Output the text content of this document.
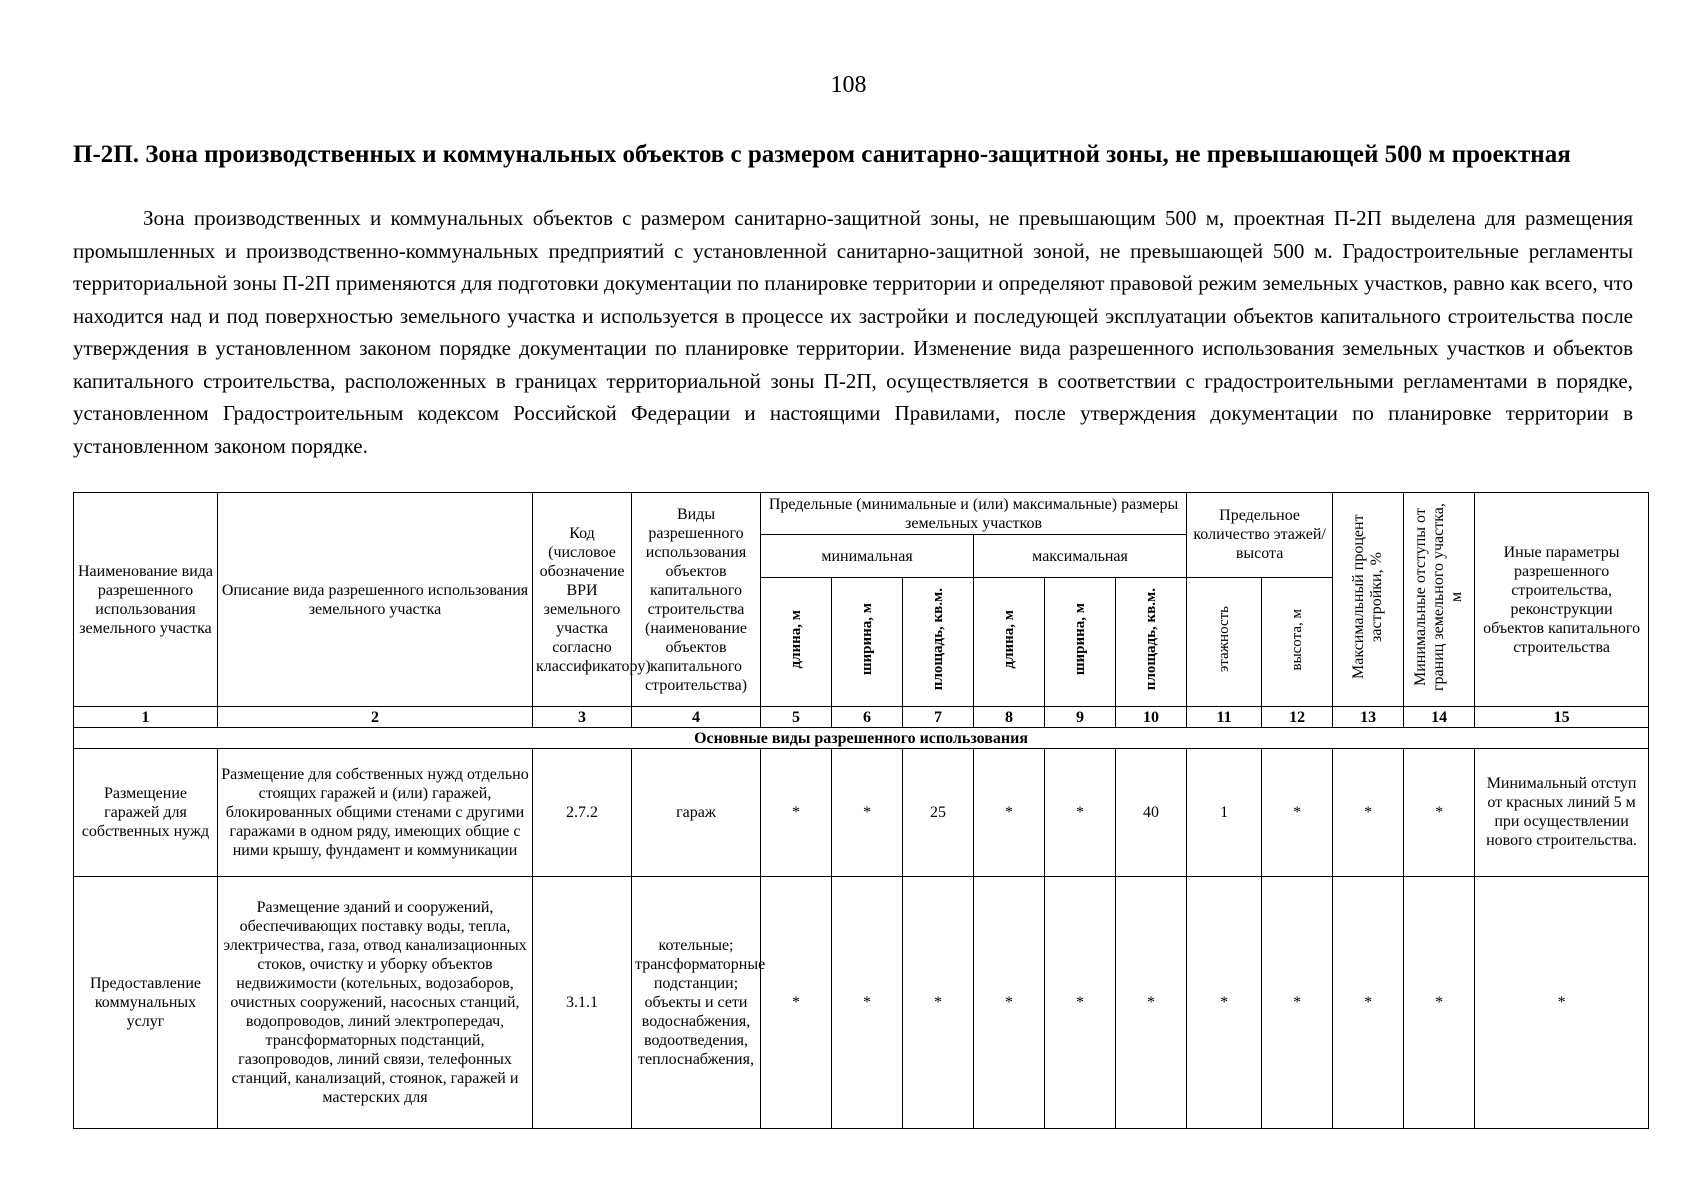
108
П-2П. Зона производственных и коммунальных объектов с размером санитарно-защитной зоны, не превышающей 500 м проектная
Зона производственных и коммунальных объектов с размером санитарно-защитной зоны, не превышающим 500 м, проектная П-2П выделена для размещения промышленных и производственно-коммунальных предприятий с установленной санитарно-защитной зоной, не превышающей 500 м. Градостроительные регламенты территориальной зоны П-2П применяются для подготовки документации по планировке территории и определяют правовой режим земельных участков, равно как всего, что находится над и под поверхностью земельного участка и используется в процессе их застройки и последующей эксплуатации объектов капитального строительства после утверждения в установленном законом порядке документации по планировке территории. Изменение вида разрешенного использования земельных участков и объектов капитального строительства, расположенных в границах территориальной зоны П-2П, осуществляется в соответствии с градостроительными регламентами в порядке, установленном Градостроительным кодексом Российской Федерации и настоящими Правилами, после утверждения документации по планировке территории в установленном законом порядке.
Наименование вида разрешенного использования земельного участка	Описание вида разрешенного использования земельного участка	Код (числовое обозначение ВРИ земельного участка согласно классификатору)	Виды разрешенного использования объектов капитального строительства (наименование объектов капитального строительства)	Предельные (минимальные и (или) максимальные) размеры земельных участков						Предельное количество этажей/ высота		Максимальный процент застройки, %	Минимальные отступы от границ земельного участка, м	Иные параметры разрешенного строительства, реконструкции объектов капитального строительства
				минимальная			максимальная							
				длина, м	ширина, м	площадь, кв.м.	длина, м	ширина, м	площадь, кв.м.	этажность	высота, м			
1	2	3	4	5	6	7	8	9	10	11	12	13	14	15
Основные виды разрешенного использования														
Размещение гаражей для собственных нужд	Размещение для собственных нужд отдельно стоящих гаражей и (или) гаражей, блокированных общими стенами с другими гаражами в одном ряду, имеющих общие с ними крышу, фундамент и коммуникации	2.7.2	гараж	*	*	25	*	*	40	1	*	*	*	Минимальный отступ от красных линий 5 м при осуществлении нового строительства.
Предоставление коммунальных услуг	Размещение зданий и сооружений, обеспечивающих поставку воды, тепла, электричества, газа, отвод канализационных стоков, очистку и уборку объектов недвижимости (котельных, водозаборов, очистных сооружений, насосных станций, водопроводов, линий электропередач, трансформаторных подстанций, газопроводов, линий связи, телефонных станций, канализаций, стоянок, гаражей и мастерских для	3.1.1	котельные; трансформаторные подстанции; объекты и сети водоснабжения, водоотведения, теплоснабжения,	*	*	*	*	*	*	*	*	*	*	*
